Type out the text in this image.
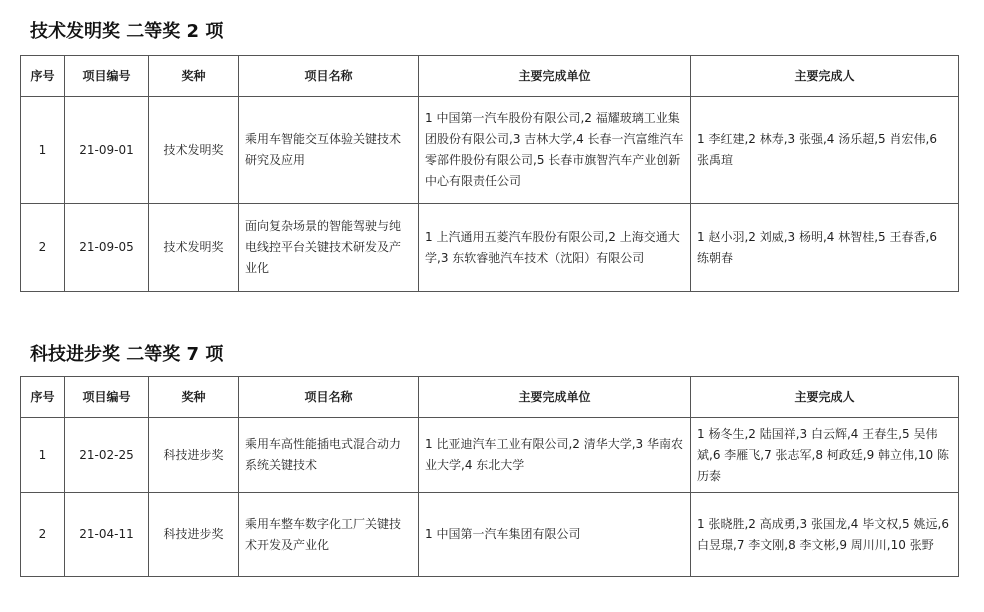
技术发明奖 二等奖 2 项
序号	项目编号	奖种	项目名称	主要完成单位	主要完成人
1	21-09-01	技术发明奖	乘用车智能交互体验关键技术研究及应用	1 中国第一汽车股份有限公司,2 福耀玻璃工业集团股份有限公司,3 吉林大学,4 长春一汽富维汽车零部件股份有限公司,5 长春市旗智汽车产业创新中心有限责任公司	1 李红建,2 林寿,3 张强,4 汤乐超,5 肖宏伟,6 张禹瑄
2	21-09-05	技术发明奖	面向复杂场景的智能驾驶与纯电线控平台关键技术研发及产业化	1 上汽通用五菱汽车股份有限公司,2 上海交通大学,3 东软睿驰汽车技术（沈阳）有限公司	1 赵小羽,2 刘威,3 杨明,4 林智桂,5 王春香,6 练朝春
科技进步奖 二等奖 7 项
序号	项目编号	奖种	项目名称	主要完成单位	主要完成人
1	21-02-25	科技进步奖	乘用车高性能插电式混合动力系统关键技术	1 比亚迪汽车工业有限公司,2 清华大学,3 华南农业大学,4 东北大学	1 杨冬生,2 陆国祥,3 白云辉,4 王春生,5 吴伟斌,6 李雁飞,7 张志军,8 柯政廷,9 韩立伟,10 陈历泰
2	21-04-11	科技进步奖	乘用车整车数字化工厂关键技术开发及产业化	1 中国第一汽车集团有限公司	1 张晓胜,2 高成勇,3 张国龙,4 毕文权,5 姚远,6 白昱璟,7 李文刚,8 李文彬,9 周川川,10 张野
